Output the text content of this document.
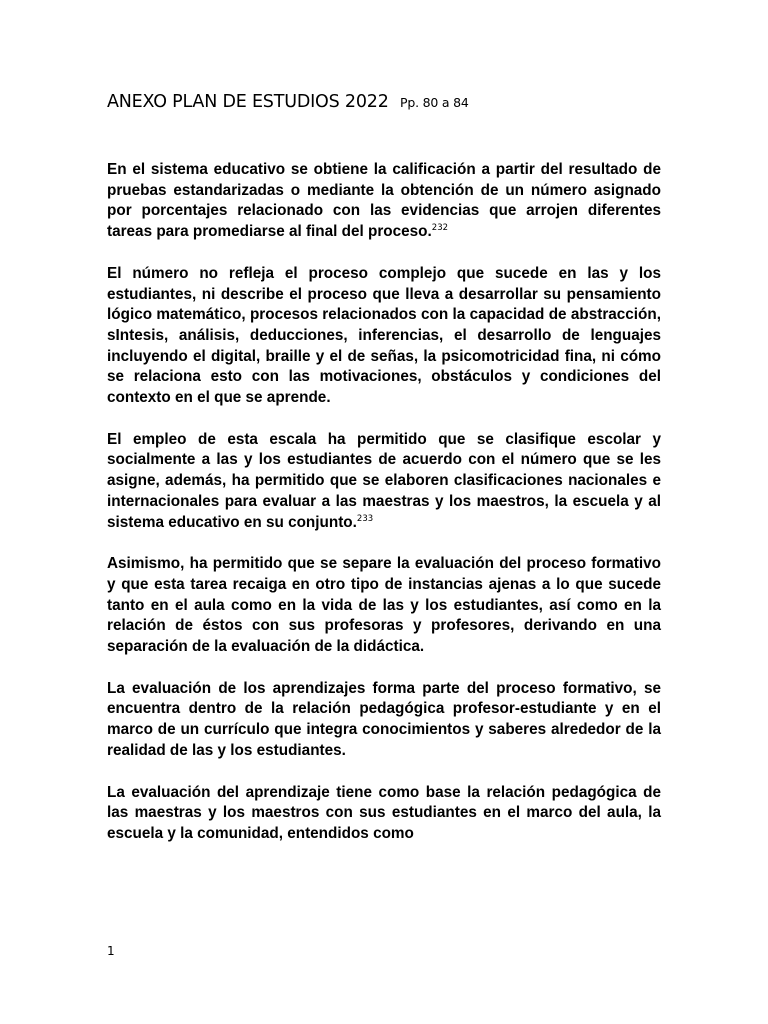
ANEXO PLAN DE ESTUDIOS 2022 Pp. 80 a 84

En el sistema educativo se obtiene la calificación a partir del resultado de pruebas estandarizadas o mediante la obtención de un número asignado por porcentajes relacionado con las evidencias que arrojen diferentes tareas para promediarse al final del proceso.$^{232}$

El número no refleja el proceso complejo que sucede en las y los estudiantes, ni describe el proceso que lleva a desarrollar su pensamiento lógico matemático, procesos relacionados con la capacidad de abstracción, sIntesis, análisis, deducciones, inferencias, el desarrollo de lenguajes incluyendo el digital, braille y el de señas, la psicomotricidad fina, ni cómo se relaciona esto con las motivaciones, obstáculos y condiciones del contexto en el que se aprende.

El empleo de esta escala ha permitido que se clasifique escolar y socialmente a las y los estudiantes de acuerdo con el número que se les asigne, además, ha permitido que se elaboren clasificaciones nacionales e internacionales para evaluar a las maestras y los maestros, la escuela y al sistema educativo en su conjunto.$^{233}$

Asimismo, ha permitido que se separe la evaluación del proceso formativo y que esta tarea recaiga en otro tipo de instancias ajenas a lo que sucede tanto en el aula como en la vida de las y los estudiantes, así como en la relación de éstos con sus profesoras y profesores, derivando en una separación de la evaluación de la didáctica.

La evaluación de los aprendizajes forma parte del proceso formativo, se encuentra dentro de la relación pedagógica profesor-estudiante y en el marco de un currículo que integra conocimientos y saberes alrededor de la realidad de las y los estudiantes.

La evaluación del aprendizaje tiene como base la relación pedagógica de las maestras y los maestros con sus estudiantes en el marco del aula, la escuela y la comunidad, entendidos como

1
